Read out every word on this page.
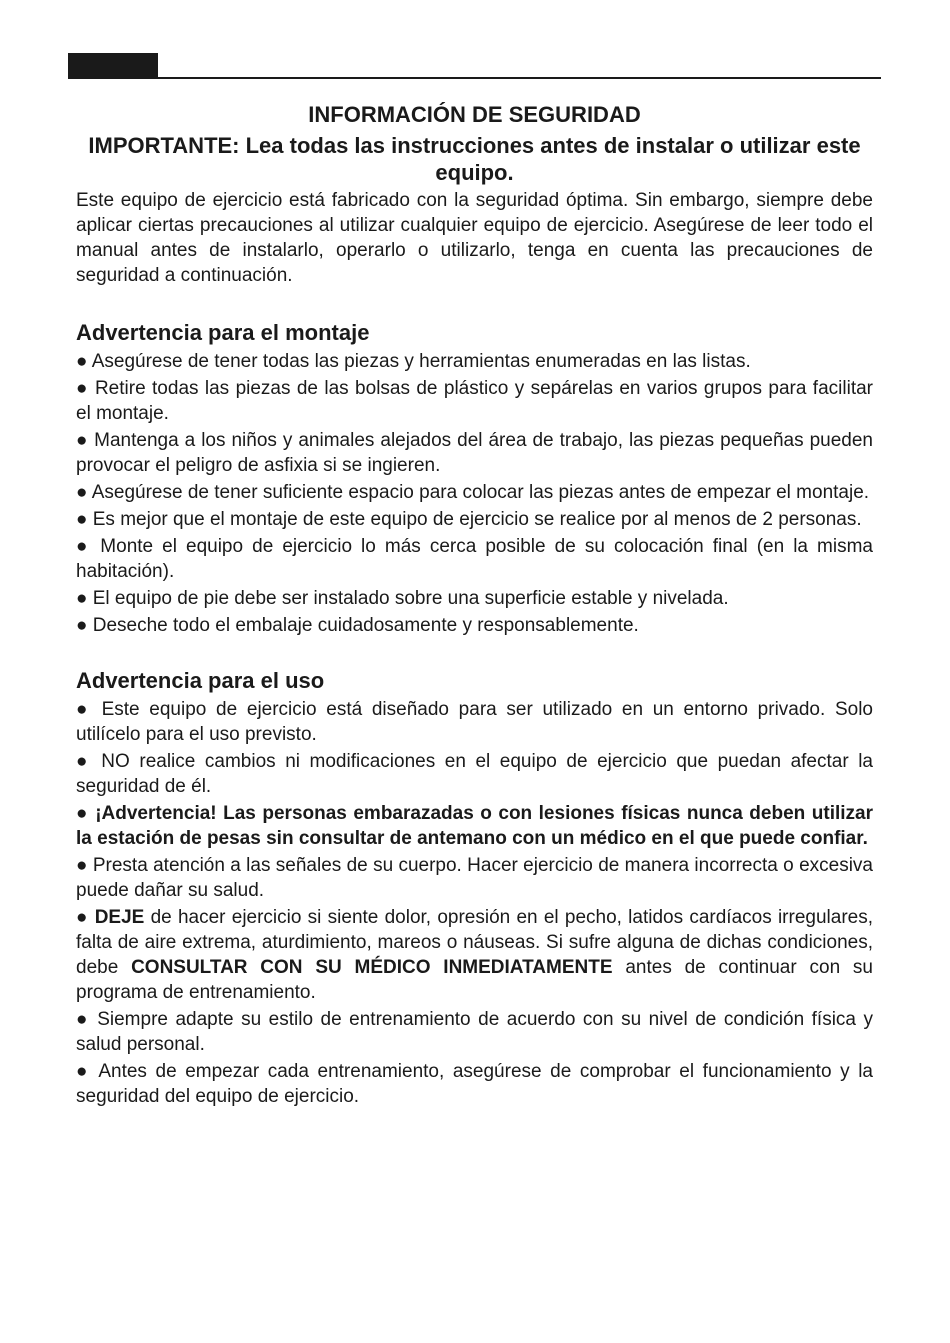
INFORMACIÓN DE SEGURIDAD
IMPORTANTE: Lea todas las instrucciones antes de instalar o utilizar este equipo.

Este equipo de ejercicio está fabricado con la seguridad óptima. Sin embargo, siempre debe aplicar ciertas precauciones al utilizar cualquier equipo de ejercicio. Asegúrese de leer todo el manual antes de instalarlo, operarlo o utilizarlo, tenga en cuenta las precauciones de seguridad a continuación.

Advertencia para el montaje

● Asegúrese de tener todas las piezas y herramientas enumeradas en las listas.

● Retire todas las piezas de las bolsas de plástico y sepárelas en varios grupos para facilitar el montaje.

● Mantenga a los niños y animales alejados del área de trabajo, las piezas pequeñas pueden provocar el peligro de asfixia si se ingieren.

● Asegúrese de tener suficiente espacio para colocar las piezas antes de empezar el montaje.

● Es mejor que el montaje de este equipo de ejercicio se realice por al menos de 2 personas.

● Monte el equipo de ejercicio lo más cerca posible de su colocación final (en la misma habitación).

● El equipo de pie debe ser instalado sobre una superficie estable y nivelada.

● Deseche todo el embalaje cuidadosamente y responsablemente.

Advertencia para el uso

● Este equipo de ejercicio está diseñado para ser utilizado en un entorno privado. Solo utilícelo para el uso previsto.

● NO realice cambios ni modificaciones en el equipo de ejercicio que puedan afectar la seguridad de él.

● ¡Advertencia! Las personas embarazadas o con lesiones físicas nunca deben utilizar la estación de pesas sin consultar de antemano con un médico en el que puede confiar.

● Presta atención a las señales de su cuerpo. Hacer ejercicio de manera incorrecta o excesiva puede dañar su salud.

● DEJE de hacer ejercicio si siente dolor, opresión en el pecho, latidos cardíacos irregulares, falta de aire extrema, aturdimiento, mareos o náuseas. Si sufre alguna de dichas condiciones, debe CONSULTAR CON SU MÉDICO INMEDIATAMENTE antes de continuar con su programa de entrenamiento.

● Siempre adapte su estilo de entrenamiento de acuerdo con su nivel de condición física y salud personal.

● Antes de empezar cada entrenamiento, asegúrese de comprobar el funcionamiento y la seguridad del equipo de ejercicio.
